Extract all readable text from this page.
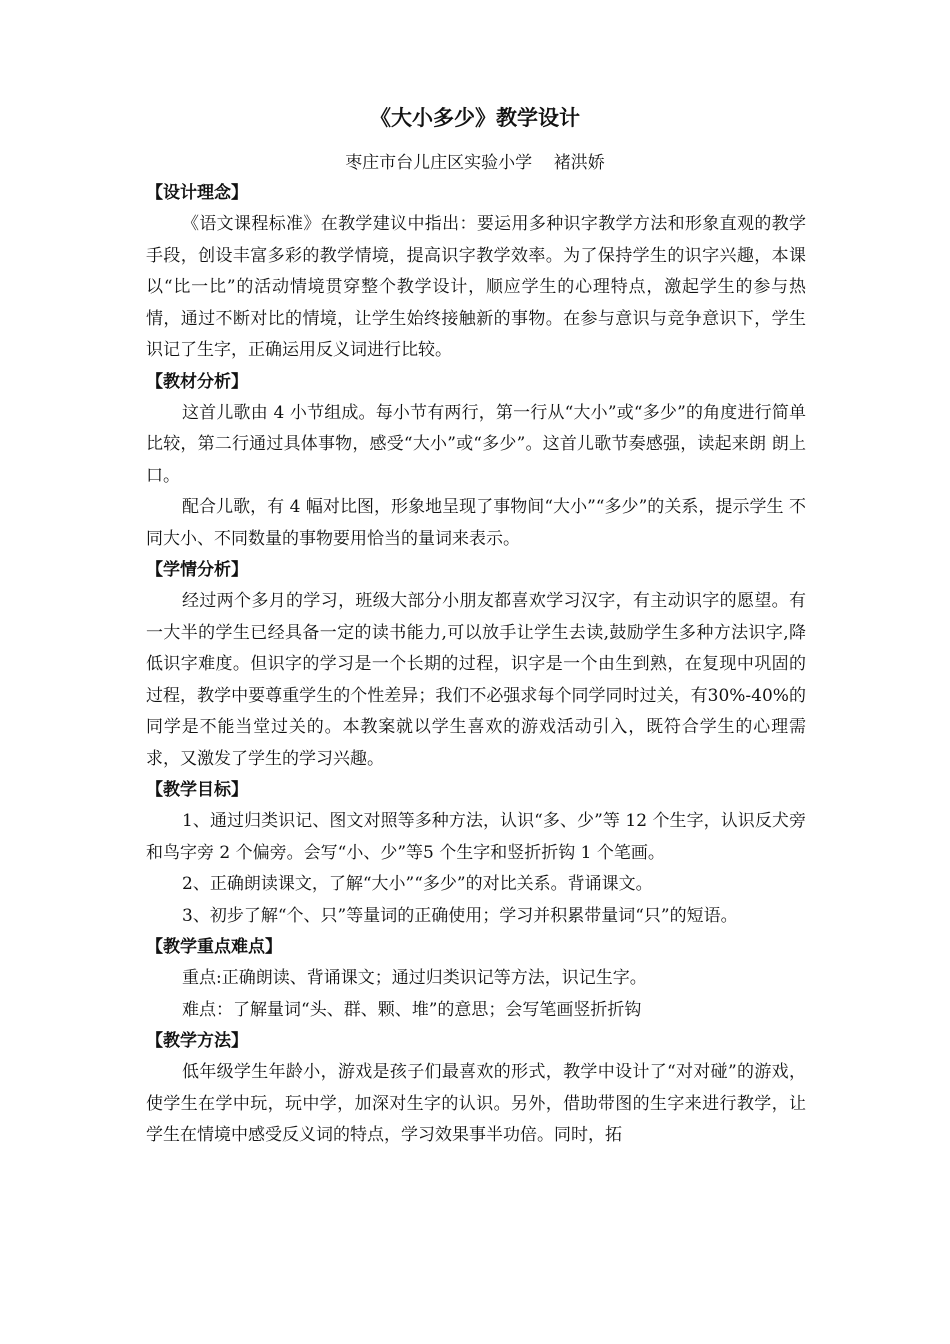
《大小多少》教学设计
枣庄市台儿庄区实验小学    褚洪娇

【设计理念】

《语文课程标准》在教学建议中指出：要运用多种识字教学方法和形象直观的教学手段，创设丰富多彩的教学情境，提高识字教学效率。为了保持学生的识字兴趣，本课以“比一比”的活动情境贯穿整个教学设计，顺应学生的心理特点，激起学生的参与热情，通过不断对比的情境，让学生始终接触新的事物。在参与意识与竞争意识下，学生识记了生字，正确运用反义词进行比较。

【教材分析】

这首儿歌由 4 小节组成。每小节有两行，第一行从“大小”或“多少”的角度进行简单比较，第二行通过具体事物，感受“大小”或“多少”。这首儿歌节奏感强，读起来朗 朗上口。

配合儿歌，有 4 幅对比图，形象地呈现了事物间“大小”“多少”的关系，提示学生 不同大小、不同数量的事物要用恰当的量词来表示。

【学情分析】

经过两个多月的学习，班级大部分小朋友都喜欢学习汉字，有主动识字的愿望。有一大半的学生已经具备一定的读书能力,可以放手让学生去读,鼓励学生多种方法识字,降低识字难度。但识字的学习是一个长期的过程，识字是一个由生到熟，在复现中巩固的过程，教学中要尊重学生的个性差异；我们不必强求每个同学同时过关，有30%-40%的同学是不能当堂过关的。本教案就以学生喜欢的游戏活动引入，既符合学生的心理需求，又激发了学生的学习兴趣。

【教学目标】

1、通过归类识记、图文对照等多种方法，认识“多、少”等 12 个生字，认识反犬旁 和鸟字旁 2 个偏旁。会写“小、少”等5 个生字和竖折折钩 1 个笔画。

2、正确朗读课文，了解“大小”“多少”的对比关系。背诵课文。

3、初步了解“个、只”等量词的正确使用；学习并积累带量词“只”的短语。

【教学重点难点】

重点:正确朗读、背诵课文；通过归类识记等方法，识记生字。

难点：了解量词“头、群、颗、堆”的意思；会写笔画竖折折钩

【教学方法】

低年级学生年龄小，游戏是孩子们最喜欢的形式，教学中设计了“对对碰”的游戏，使学生在学中玩，玩中学，加深对生字的认识。另外，借助带图的生字来进行教学，让学生在情境中感受反义词的特点，学习效果事半功倍。同时，拓
